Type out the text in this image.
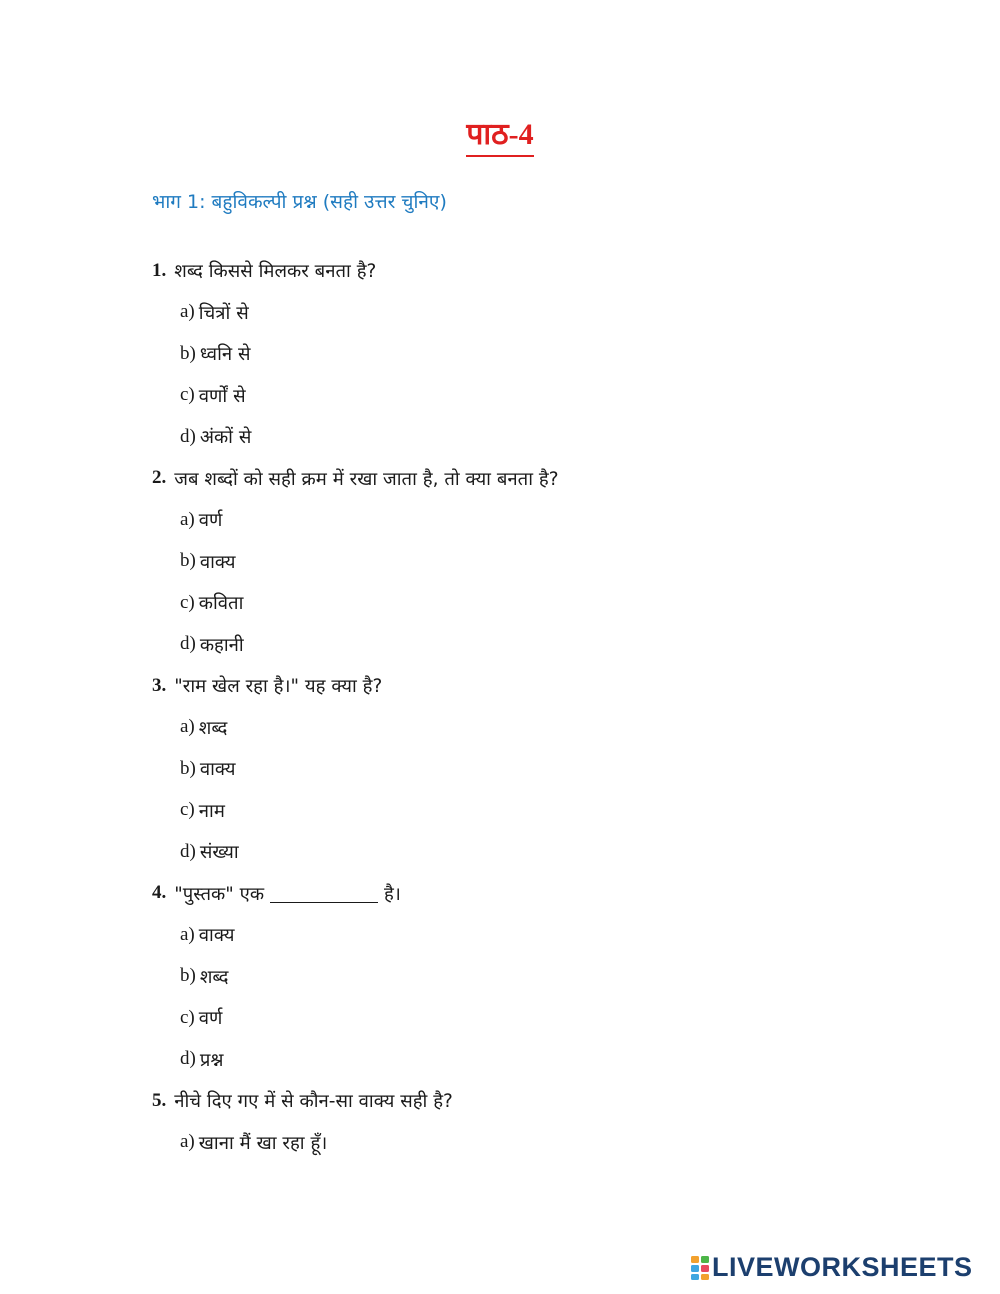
पाठ-4
भाग 1: बहुविकल्पी प्रश्न (सही उत्तर चुनिए)
1. शब्द किससे मिलकर बनता है?
a) चित्रों से
b) ध्वनि से
c) वर्णों से
d) अंकों से
2. जब शब्दों को सही क्रम में रखा जाता है, तो क्या बनता है?
a) वर्ण
b) वाक्य
c) कविता
d) कहानी
3. "राम खेल रहा है।" यह क्या है?
a) शब्द
b) वाक्य
c) नाम
d) संख्या
4. "पुस्तक" एक	है।
a) वाक्य
b) शब्द
c) वर्ण
d) प्रश्न
5. नीचे दिए गए में से कौन-सा वाक्य सही है?
a) खाना मैं खा रहा हूँ।
LIVEWORKSHEETS
